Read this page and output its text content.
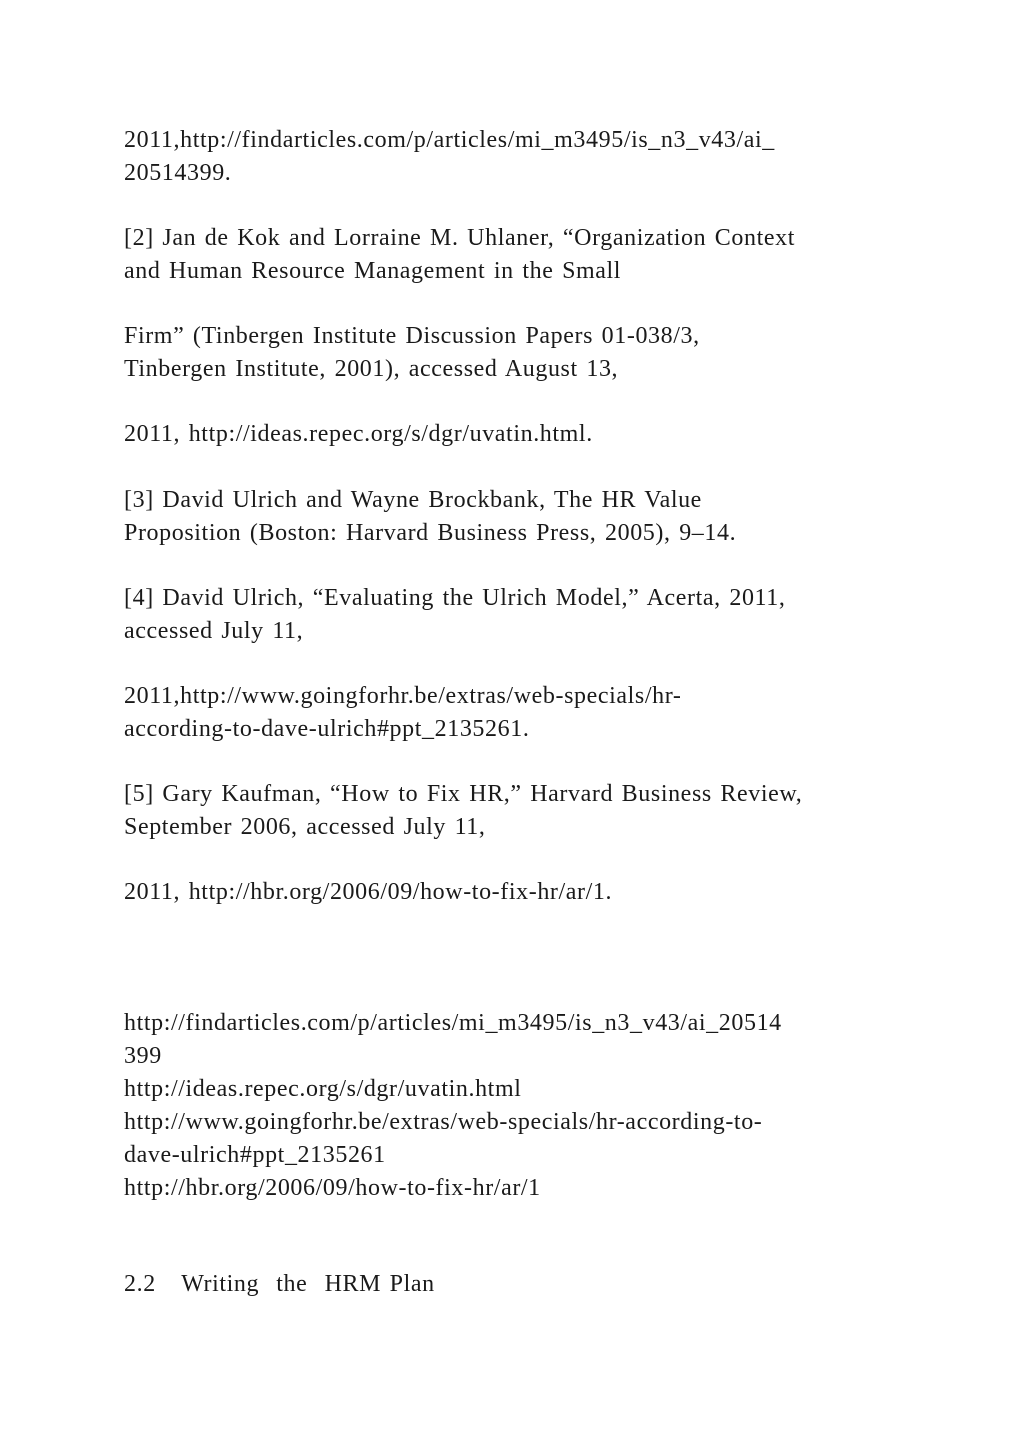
2011,http://findarticles.com/p/articles/mi_m3495/is_n3_v43/ai_
20514399.
[2] Jan de Kok and Lorraine M. Uhlaner, “Organization Context
and Human Resource Management in the Small
Firm” (Tinbergen Institute Discussion Papers 01-038/3,
Tinbergen Institute, 2001), accessed August 13,
2011, http://ideas.repec.org/s/dgr/uvatin.html.
[3] David Ulrich and Wayne Brockbank, The HR Value
Proposition (Boston: Harvard Business Press, 2005), 9–14.
[4] David Ulrich, “Evaluating the Ulrich Model,” Acerta, 2011,
accessed July 11,
2011,http://www.goingforhr.be/extras/web-specials/hr-
according-to-dave-ulrich#ppt_2135261.
[5] Gary Kaufman, “How to Fix HR,” Harvard Business Review,
September 2006, accessed July 11,
2011, http://hbr.org/2006/09/how-to-fix-hr/ar/1.
http://findarticles.com/p/articles/mi_m3495/is_n3_v43/ai_20514
399
http://ideas.repec.org/s/dgr/uvatin.html
http://www.goingforhr.be/extras/web-specials/hr-according-to-
dave-ulrich#ppt_2135261
http://hbr.org/2006/09/how-to-fix-hr/ar/1
2.2 Writing  the  HRM Plan
